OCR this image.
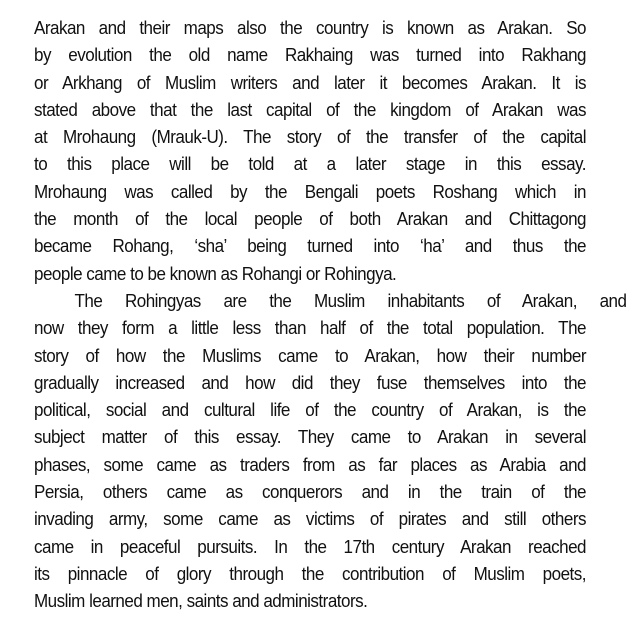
Arakan and their maps also the country is known as Arakan. So
by evolution the old name Rakhaing was turned into Rakhang
or Arkhang of Muslim writers and later it becomes Arakan. It is
stated above that the last capital of the kingdom of Arakan was
at Mrohaung (Mrauk-U). The story of the transfer of the capital
to this place will be told at a later stage in this essay.
Mrohaung was called by the Bengali poets Roshang which in
the month of the local people of both Arakan and Chittagong
became Rohang, ‘sha’ being turned into ‘ha’ and thus the
people came to be known as Rohangi or Rohingya.
The Rohingyas are the Muslim inhabitants of Arakan, and
now they form a little less than half of the total population. The
story of how the Muslims came to Arakan, how their number
gradually increased and how did they fuse themselves into the
political, social and cultural life of the country of Arakan, is the
subject matter of this essay. They came to Arakan in several
phases, some came as traders from as far places as Arabia and
Persia, others came as conquerors and in the train of the
invading army, some came as victims of pirates and still others
came in peaceful pursuits. In the 17th century Arakan reached
its pinnacle of glory through the contribution of Muslim poets,
Muslim learned men, saints and administrators.
